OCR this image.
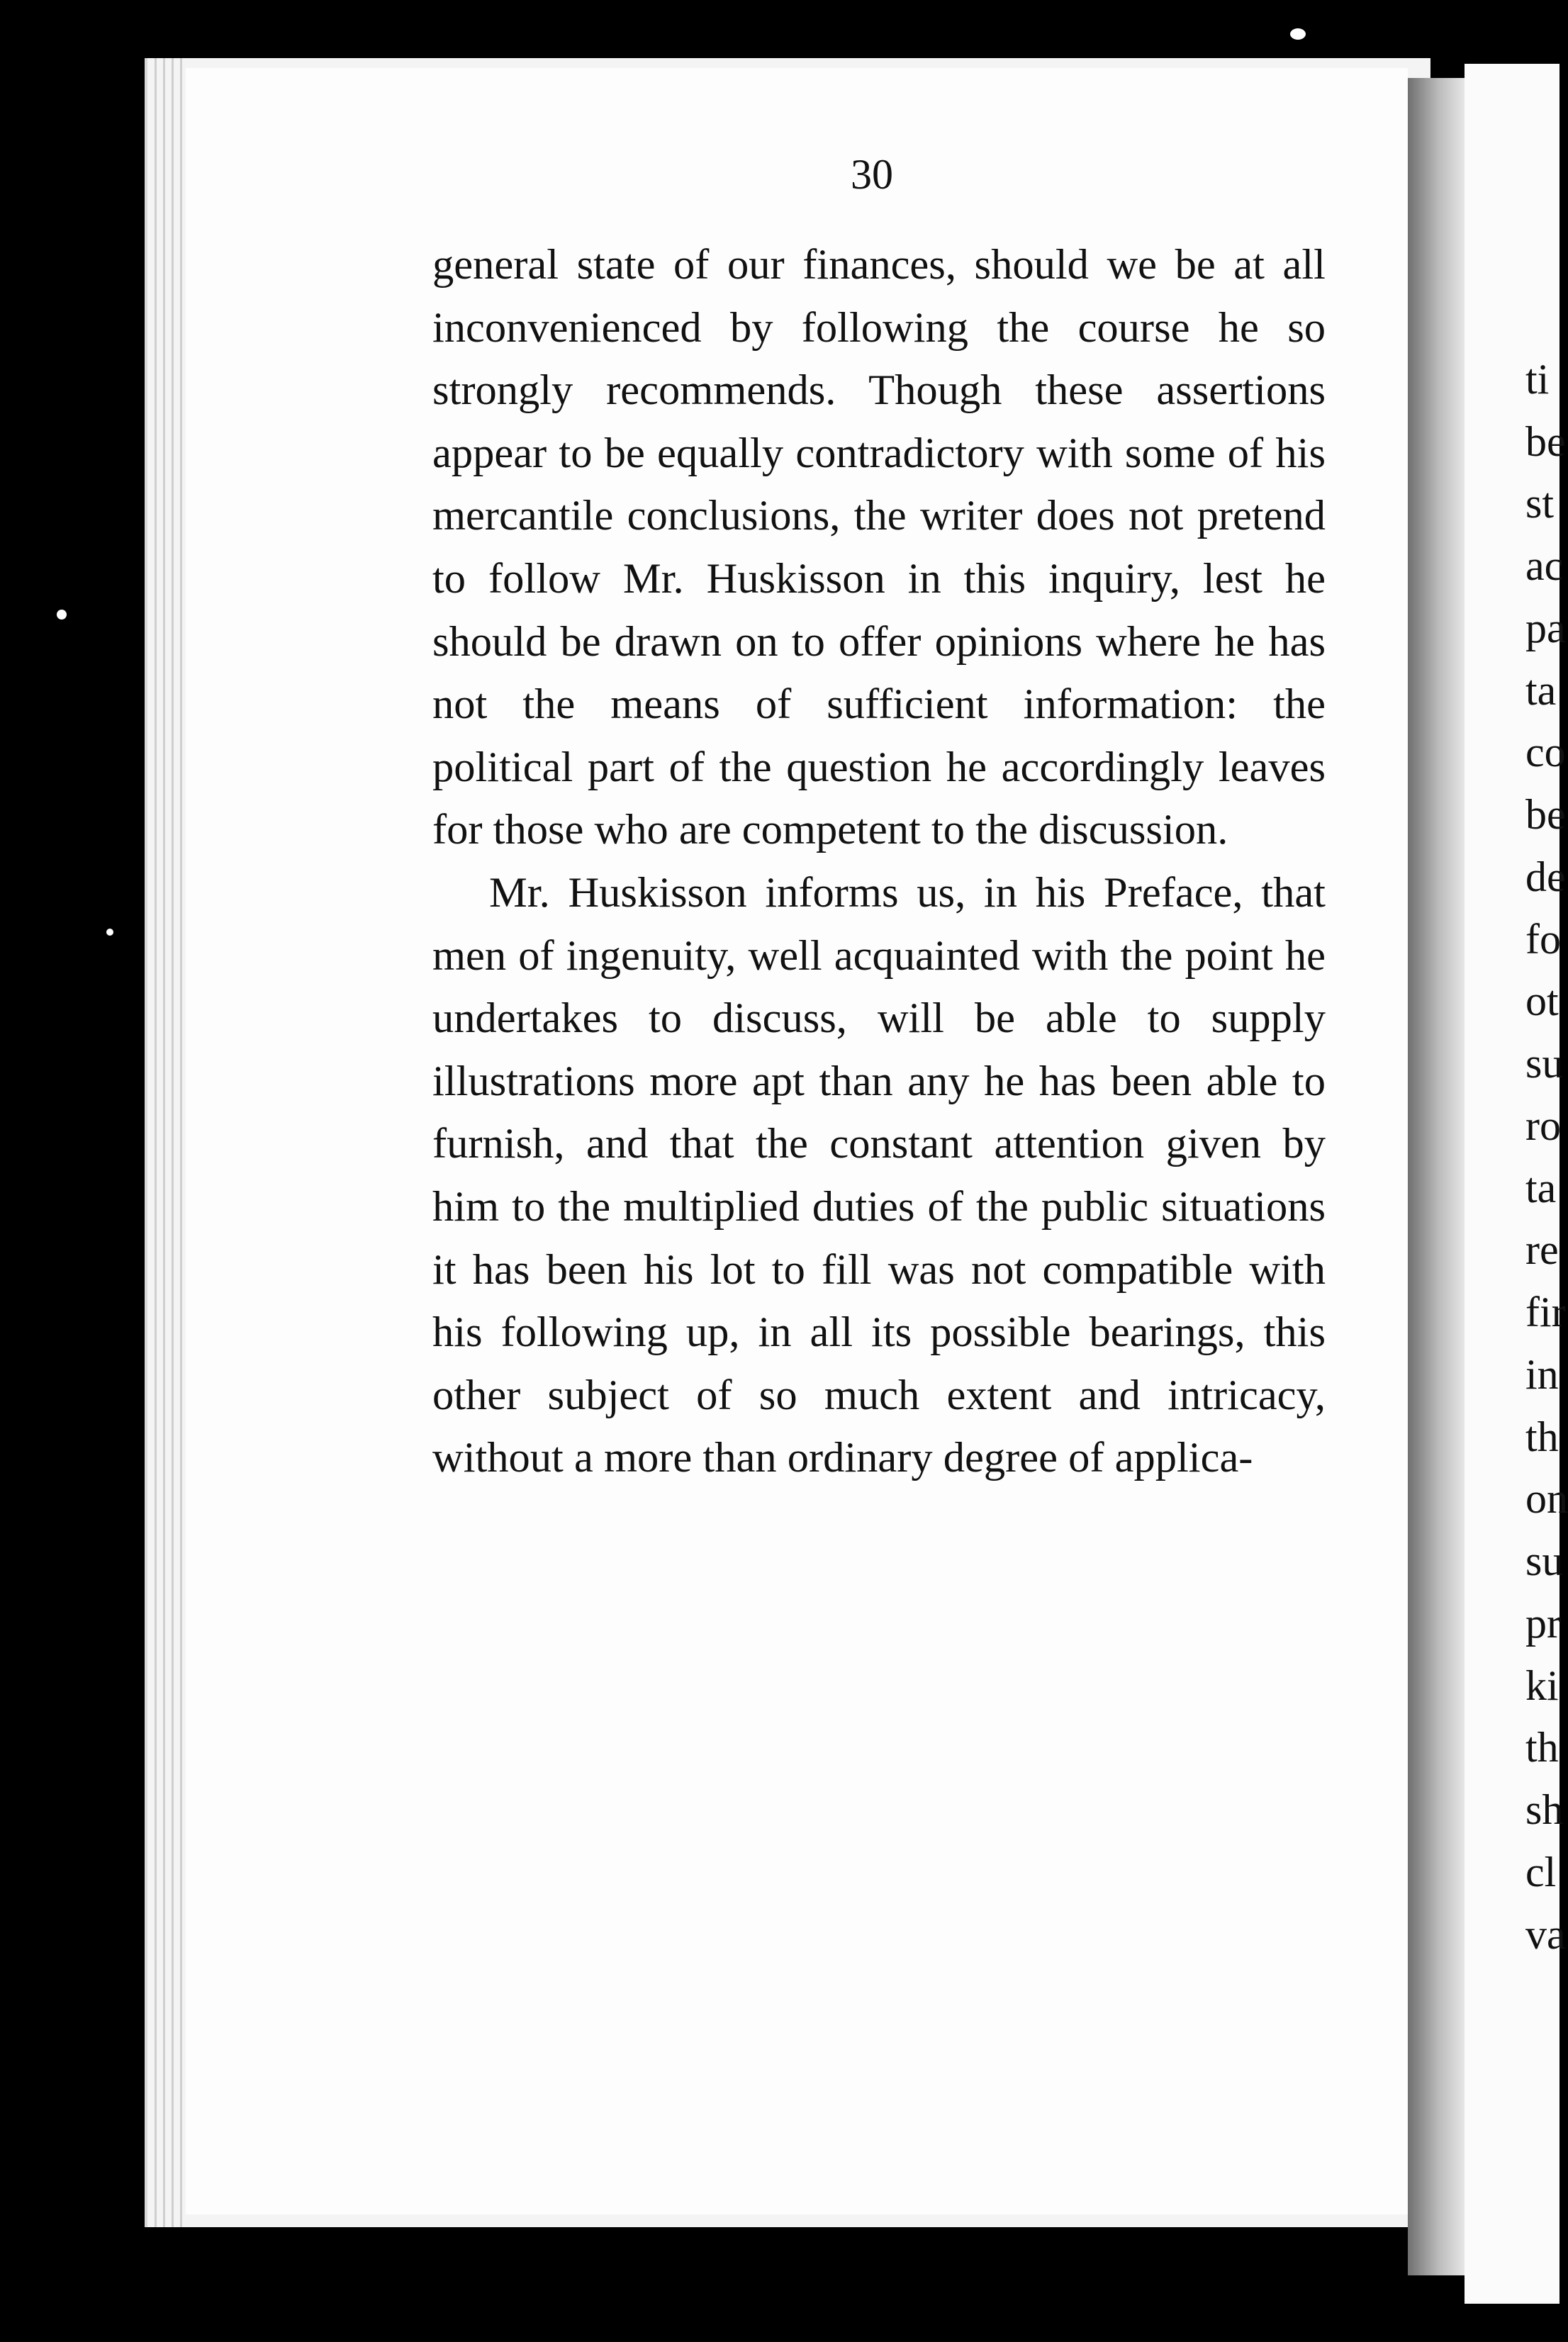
30

general state of our finances, should we be at all inconvenienced by following the course he so strongly recommends. Though these assertions appear to be equally contradictory with some of his mercantile conclusions, the writer does not pretend to follow Mr. Huskisson in this inquiry, lest he should be drawn on to offer opinions where he has not the means of sufficient information: the political part of the question he accordingly leaves for those who are competent to the discussion.

Mr. Huskisson informs us, in his Preface, that men of ingenuity, well acquainted with the point he undertakes to discuss, will be able to supply illustrations more apt than any he has been able to furnish, and that the constant attention given by him to the multiplied duties of the public situations it has been his lot to fill was not compatible with his following up, in all its possible bearings, this other subject of so much extent and intricacy, without a more than ordinary degree of applica-

ti
be
st
ac
pa
ta
co
be
de
fo
ot
su
ro
ta
re
fir
in
th
on
su
pr
ki
th
sh
cl
va
